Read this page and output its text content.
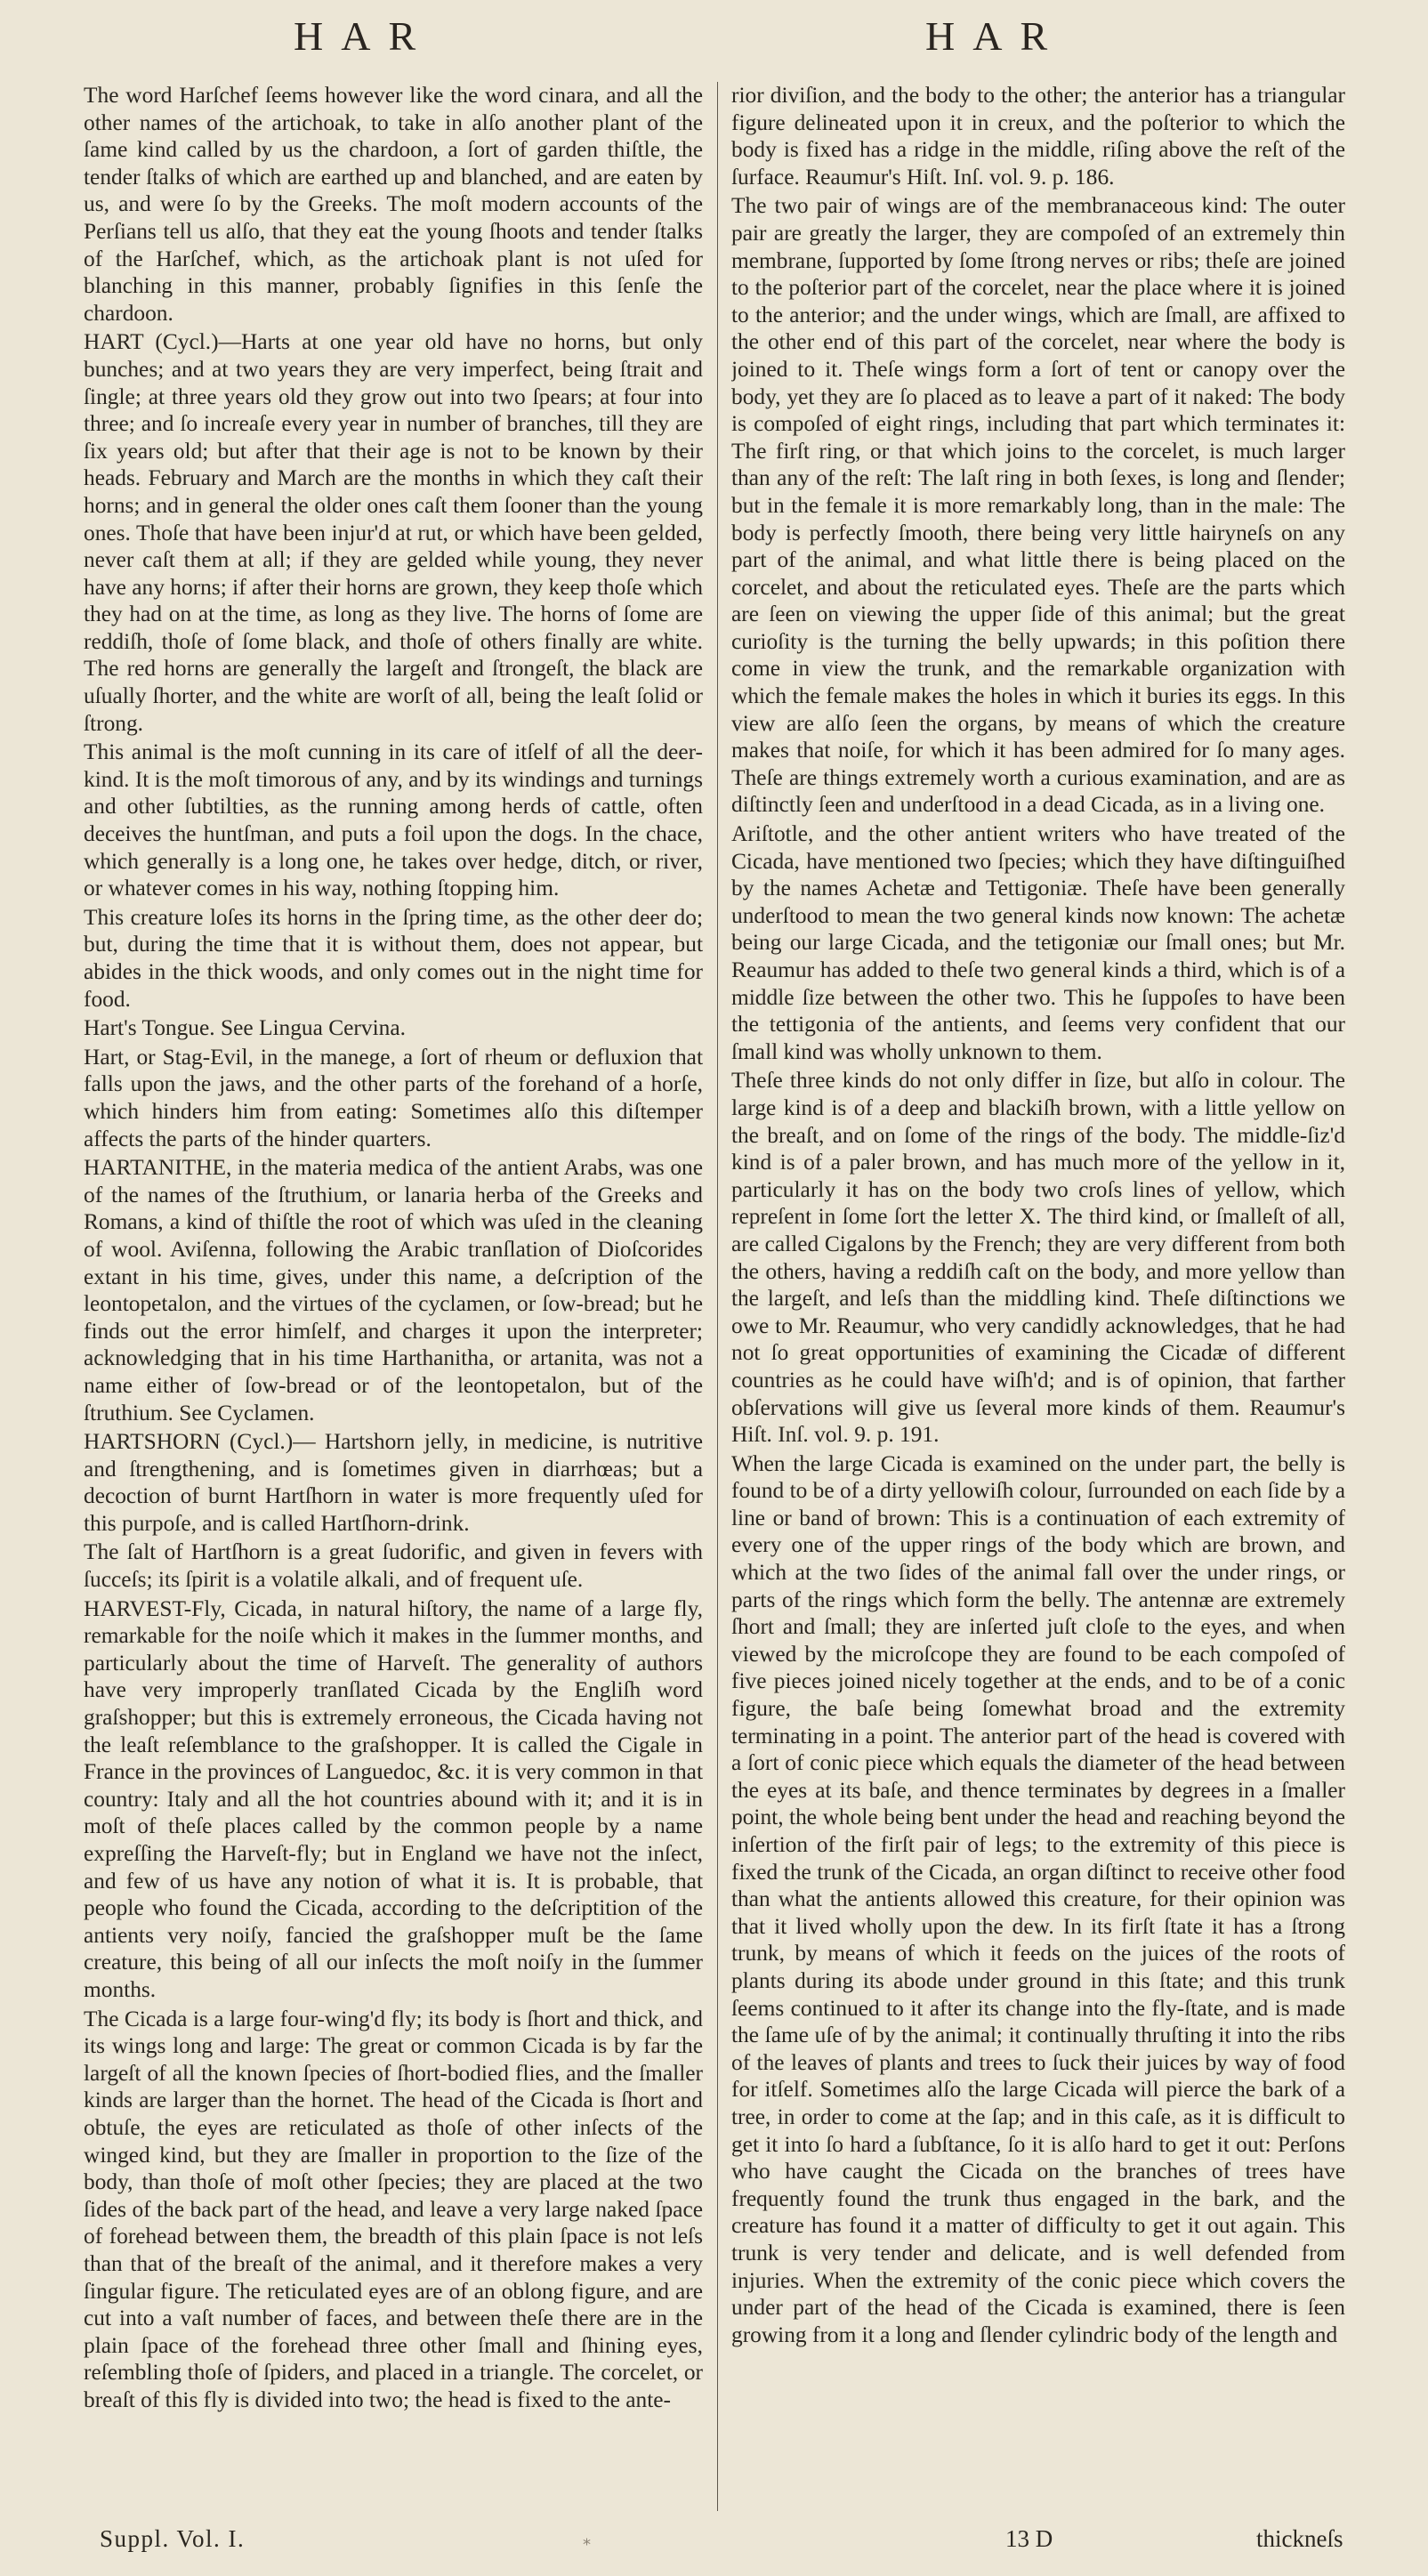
HAR	HAR

The word Harſchef ſeems however like the word cinara, and all the other names of the artichoak, to take in alſo another plant of the ſame kind called by us the chardoon, a ſort of garden thiſtle, the tender ſtalks of which are earthed up and blanched, and are eaten by us, and were ſo by the Greeks. The moſt modern accounts of the Perſians tell us alſo, that they eat the young ſhoots and tender ſtalks of the Harſchef, which, as the artichoak plant is not uſed for blanching in this manner, probably ſignifies in this ſenſe the chardoon.

HART (Cycl.)—Harts at one year old have no horns, but only bunches; and at two years they are very imperfect, being ſtrait and ſingle; at three years old they grow out into two ſpears; at four into three; and ſo increaſe every year in number of branches, till they are ſix years old; but after that their age is not to be known by their heads. February and March are the months in which they caſt their horns; and in general the older ones caſt them ſooner than the young ones. Thoſe that have been injur'd at rut, or which have been gelded, never caſt them at all; if they are gelded while young, they never have any horns; if after their horns are grown, they keep thoſe which they had on at the time, as long as they live. The horns of ſome are reddiſh, thoſe of ſome black, and thoſe of others finally are white. The red horns are generally the largeſt and ſtrongeſt, the black are uſually ſhorter, and the white are worſt of all, being the leaſt ſolid or ſtrong.

This animal is the moſt cunning in its care of itſelf of all the deer-kind. It is the moſt timorous of any, and by its windings and turnings and other ſubtilties, as the running among herds of cattle, often deceives the huntſman, and puts a foil upon the dogs. In the chace, which generally is a long one, he takes over hedge, ditch, or river, or whatever comes in his way, nothing ſtopping him.

This creature loſes its horns in the ſpring time, as the other deer do; but, during the time that it is without them, does not appear, but abides in the thick woods, and only comes out in the night time for food.

Hart's Tongue. See Lingua Cervina.

Hart, or Stag-Evil, in the manege, a ſort of rheum or defluxion that falls upon the jaws, and the other parts of the forehand of a horſe, which hinders him from eating: Sometimes alſo this diſtemper affects the parts of the hinder quarters.

HARTANITHE, in the materia medica of the antient Arabs, was one of the names of the ſtruthium, or lanaria herba of the Greeks and Romans, a kind of thiſtle the root of which was uſed in the cleaning of wool. Aviſenna, following the Arabic tranſlation of Dioſcorides extant in his time, gives, under this name, a deſcription of the leontopetalon, and the virtues of the cyclamen, or ſow-bread; but he finds out the error himſelf, and charges it upon the interpreter; acknowledging that in his time Harthanitha, or artanita, was not a name either of ſow-bread or of the leontopetalon, but of the ſtruthium. See Cyclamen.

HARTSHORN (Cycl.)— Hartshorn jelly, in medicine, is nutritive and ſtrengthening, and is ſometimes given in diarrhœas; but a decoction of burnt Hartſhorn in water is more frequently uſed for this purpoſe, and is called Hartſhorn-drink.

The ſalt of Hartſhorn is a great ſudorific, and given in fevers with ſucceſs; its ſpirit is a volatile alkali, and of frequent uſe.

HARVEST-Fly, Cicada, in natural hiſtory, the name of a large fly, remarkable for the noiſe which it makes in the ſummer months, and particularly about the time of Harveſt. The generality of authors have very improperly tranſlated Cicada by the Engliſh word graſshopper; but this is extremely erroneous, the Cicada having not the leaſt reſemblance to the graſshopper. It is called the Cigale in France in the provinces of Languedoc, &c. it is very common in that country: Italy and all the hot countries abound with it; and it is in moſt of theſe places called by the common people by a name expreſſing the Harveſt-fly; but in England we have not the inſect, and few of us have any notion of what it is. It is probable, that people who found the Cicada, according to the deſcriptition of the antients very noiſy, fancied the graſshopper muſt be the ſame creature, this being of all our inſects the moſt noiſy in the ſummer months.

The Cicada is a large four-wing'd fly; its body is ſhort and thick, and its wings long and large: The great or common Cicada is by far the largeſt of all the known ſpecies of ſhort-bodied flies, and the ſmaller kinds are larger than the hornet. The head of the Cicada is ſhort and obtuſe, the eyes are reticulated as thoſe of other inſects of the winged kind, but they are ſmaller in proportion to the ſize of the body, than thoſe of moſt other ſpecies; they are placed at the two ſides of the back part of the head, and leave a very large naked ſpace of forehead between them, the breadth of this plain ſpace is not leſs than that of the breaſt of the animal, and it therefore makes a very ſingular figure. The reticulated eyes are of an oblong figure, and are cut into a vaſt number of faces, and between theſe there are in the plain ſpace of the forehead three other ſmall and ſhining eyes, reſembling thoſe of ſpiders, and placed in a triangle. The corcelet, or breaſt of this fly is divided into two; the head is fixed to the ante-

rior diviſion, and the body to the other; the anterior has a triangular figure delineated upon it in creux, and the poſterior to which the body is fixed has a ridge in the middle, riſing above the reſt of the ſurface. Reaumur's Hiſt. Inſ. vol. 9. p. 186.

The two pair of wings are of the membranaceous kind: The outer pair are greatly the larger, they are compoſed of an extremely thin membrane, ſupported by ſome ſtrong nerves or ribs; theſe are joined to the poſterior part of the corcelet, near the place where it is joined to the anterior; and the under wings, which are ſmall, are affixed to the other end of this part of the corcelet, near where the body is joined to it. Theſe wings form a ſort of tent or canopy over the body, yet they are ſo placed as to leave a part of it naked: The body is compoſed of eight rings, including that part which terminates it: The firſt ring, or that which joins to the corcelet, is much larger than any of the reſt: The laſt ring in both ſexes, is long and ſlender; but in the female it is more remarkably long, than in the male: The body is perfectly ſmooth, there being very little hairyneſs on any part of the animal, and what little there is being placed on the corcelet, and about the reticulated eyes. Theſe are the parts which are ſeen on viewing the upper ſide of this animal; but the great curioſity is the turning the belly upwards; in this poſition there come in view the trunk, and the remarkable organization with which the female makes the holes in which it buries its eggs. In this view are alſo ſeen the organs, by means of which the creature makes that noiſe, for which it has been admired for ſo many ages. Theſe are things extremely worth a curious examination, and are as diſtinctly ſeen and underſtood in a dead Cicada, as in a living one.

Ariſtotle, and the other antient writers who have treated of the Cicada, have mentioned two ſpecies; which they have diſtinguiſhed by the names Achetæ and Tettigoniæ. Theſe have been generally underſtood to mean the two general kinds now known: The achetæ being our large Cicada, and the tetigoniæ our ſmall ones; but Mr. Reaumur has added to theſe two general kinds a third, which is of a middle ſize between the other two. This he ſuppoſes to have been the tettigonia of the antients, and ſeems very confident that our ſmall kind was wholly unknown to them.

Theſe three kinds do not only differ in ſize, but alſo in colour. The large kind is of a deep and blackiſh brown, with a little yellow on the breaſt, and on ſome of the rings of the body. The middle-ſiz'd kind is of a paler brown, and has much more of the yellow in it, particularly it has on the body two croſs lines of yellow, which repreſent in ſome ſort the letter X. The third kind, or ſmalleſt of all, are called Cigalons by the French; they are very different from both the others, having a reddiſh caſt on the body, and more yellow than the largeſt, and leſs than the middling kind. Theſe diſtinctions we owe to Mr. Reaumur, who very candidly acknowledges, that he had not ſo great opportunities of examining the Cicadæ of different countries as he could have wiſh'd; and is of opinion, that farther obſervations will give us ſeveral more kinds of them. Reaumur's Hiſt. Inſ. vol. 9. p. 191.

When the large Cicada is examined on the under part, the belly is found to be of a dirty yellowiſh colour, ſurrounded on each ſide by a line or band of brown: This is a continuation of each extremity of every one of the upper rings of the body which are brown, and which at the two ſides of the animal fall over the under rings, or parts of the rings which form the belly. The antennæ are extremely ſhort and ſmall; they are inſerted juſt cloſe to the eyes, and when viewed by the microſcope they are found to be each compoſed of five pieces joined nicely together at the ends, and to be of a conic figure, the baſe being ſomewhat broad and the extremity terminating in a point. The anterior part of the head is covered with a ſort of conic piece which equals the diameter of the head between the eyes at its baſe, and thence terminates by degrees in a ſmaller point, the whole being bent under the head and reaching beyond the inſertion of the firſt pair of legs; to the extremity of this piece is fixed the trunk of the Cicada, an organ diſtinct to receive other food than what the antients allowed this creature, for their opinion was that it lived wholly upon the dew. In its firſt ſtate it has a ſtrong trunk, by means of which it feeds on the juices of the roots of plants during its abode under ground in this ſtate; and this trunk ſeems continued to it after its change into the fly-ſtate, and is made the ſame uſe of by the animal; it continually thruſting it into the ribs of the leaves of plants and trees to ſuck their juices by way of food for itſelf. Sometimes alſo the large Cicada will pierce the bark of a tree, in order to come at the ſap; and in this caſe, as it is difficult to get it into ſo hard a ſubſtance, ſo it is alſo hard to get it out: Perſons who have caught the Cicada on the branches of trees have frequently found the trunk thus engaged in the bark, and the creature has found it a matter of difficulty to get it out again. This trunk is very tender and delicate, and is well defended from injuries. When the extremity of the conic piece which covers the under part of the head of the Cicada is examined, there is ſeen growing from it a long and ſlender cylindric body of the length and

Suppl. Vol. I.	⁎	13 D	thickneſs
